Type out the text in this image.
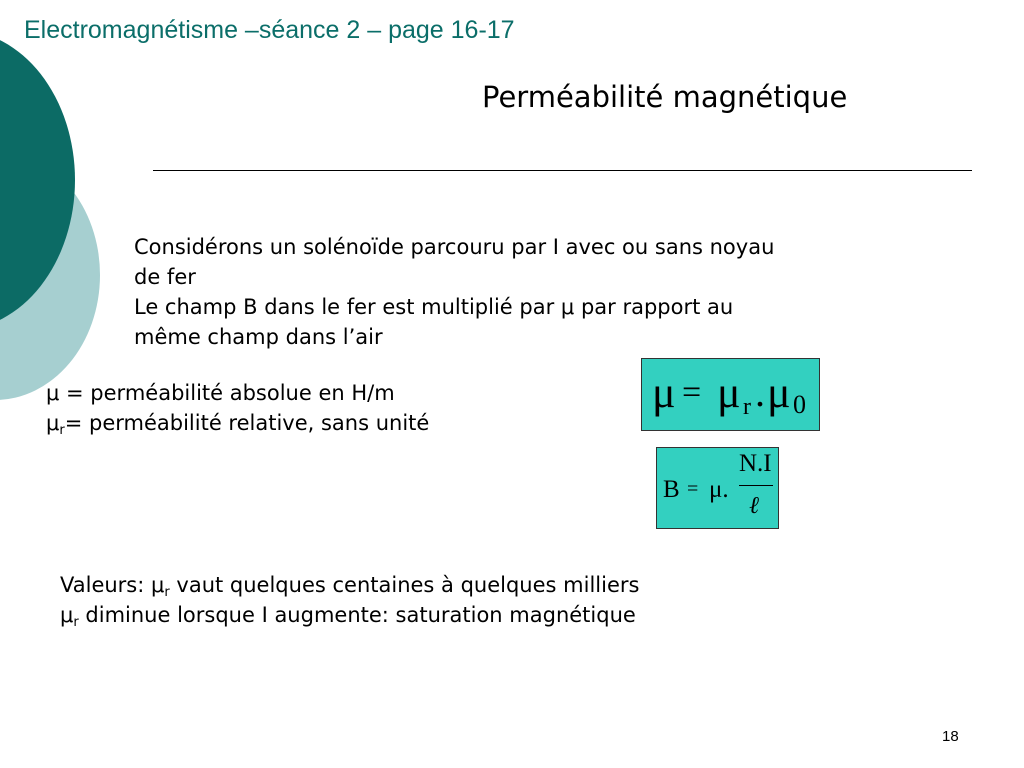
Electromagnétisme –séance 2 – page 16-17
Perméabilité magnétique
Considérons un solénoïde parcouru par I avec ou sans noyau
de fer
Le champ B dans le fer est multiplié par μ par rapport au
même champ dans l’air
μ = perméabilité absolue en H/m
$\mu_r=$ perméabilité relative, sans unité
μ = μ r . μ 0
B = μ.
N.I
ℓ
Valeurs: $\mu_r$ vaut quelques centaines à quelques milliers
$\mu_r$ diminue lorsque I augmente: saturation magnétique
18
